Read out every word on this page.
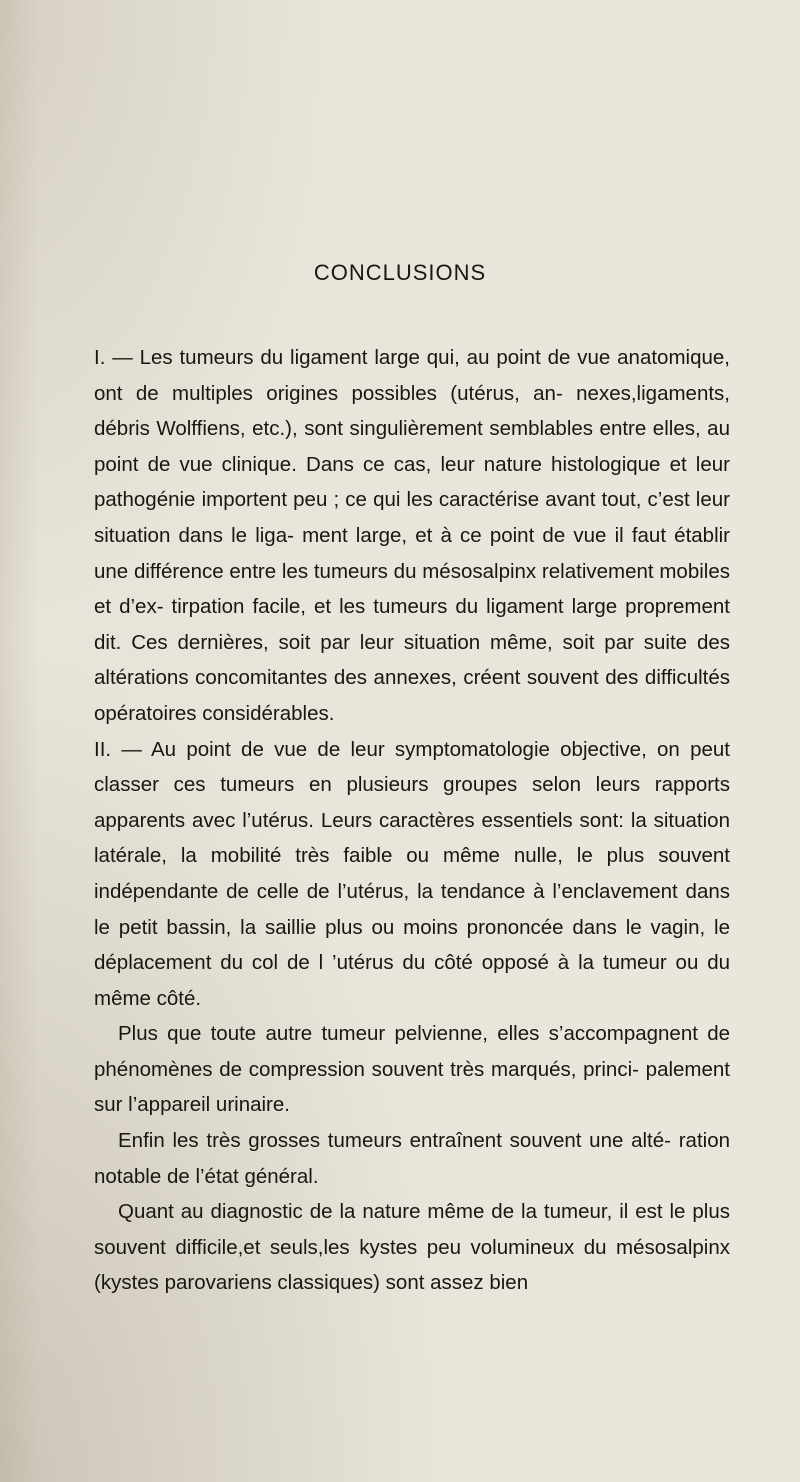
CONCLUSIONS

I. — Les tumeurs du ligament large qui, au point de vue anatomique, ont de multiples origines possibles (utérus, an- nexes,ligaments, débris Wolffiens, etc.), sont singulièrement semblables entre elles, au point de vue clinique. Dans ce cas, leur nature histologique et leur pathogénie importent peu ; ce qui les caractérise avant tout, c’est leur situation dans le liga- ment large, et à ce point de vue il faut établir une différence entre les tumeurs du mésosalpinx relativement mobiles et d’ex- tirpation facile, et les tumeurs du ligament large proprement dit. Ces dernières, soit par leur situation même, soit par suite des altérations concomitantes des annexes, créent souvent des difficultés opératoires considérables.

II. — Au point de vue de leur symptomatologie objective, on peut classer ces tumeurs en plusieurs groupes selon leurs rapports apparents avec l’utérus. Leurs caractères essentiels sont: la situation latérale, la mobilité très faible ou même nulle, le plus souvent indépendante de celle de l’utérus, la tendance à l’enclavement dans le petit bassin, la saillie plus ou moins prononcée dans le vagin, le déplacement du col de l ’utérus du côté opposé à la tumeur ou du même côté.

Plus que toute autre tumeur pelvienne, elles s’accompagnent de phénomènes de compression souvent très marqués, princi- palement sur l’appareil urinaire.

Enfin les très grosses tumeurs entraînent souvent une alté- ration notable de l’état général.

Quant au diagnostic de la nature même de la tumeur, il est le plus souvent difficile,et seuls,les kystes peu volumineux du mésosalpinx (kystes parovariens classiques) sont assez bien
